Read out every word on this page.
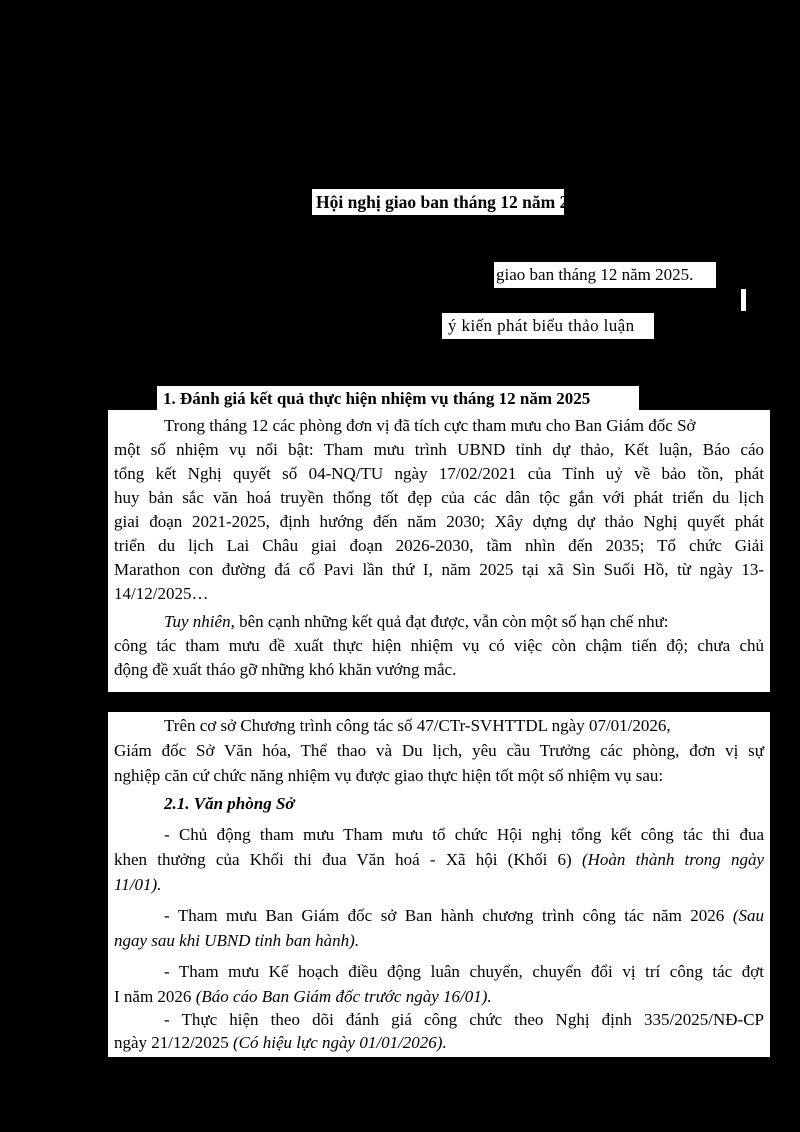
Hội nghị giao ban tháng 12 năm 2025
giao ban tháng 12 năm 2025.
ý kiến phát biểu thảo luận
1. Đánh giá kết quả thực hiện nhiệm vụ tháng 12 năm 2025
Trong tháng 12 các phòng đơn vị đã tích cực tham mưu cho Ban Giám đốc Sở
một số nhiệm vụ nổi bật: Tham mưu trình UBND tỉnh dự thảo, Kết luận, Báo cáo
tổng kết Nghị quyết số 04-NQ/TU ngày 17/02/2021 của Tỉnh uỷ về bảo tồn, phát
huy bản sắc văn hoá truyền thống tốt đẹp của các dân tộc gắn với phát triển du lịch
giai đoạn 2021-2025, định hướng đến năm 2030; Xây dựng dự thảo Nghị quyết phát
triển du lịch Lai Châu giai đoạn 2026-2030, tầm nhìn đến 2035; Tổ chức Giải
Marathon con đường đá cổ Pavi lần thứ I, năm 2025 tại xã Sìn Suối Hồ, từ ngày 13-
14/12/2025…
Tuy nhiên, bên cạnh những kết quả đạt được, vẫn còn một số hạn chế như:
công tác tham mưu đề xuất thực hiện nhiệm vụ có việc còn chậm tiến độ; chưa chủ
động đề xuất tháo gỡ những khó khăn vướng mắc.
Trên cơ sở Chương trình công tác số 47/CTr-SVHTTDL ngày 07/01/2026,
Giám đốc Sở Văn hóa, Thể thao và Du lịch, yêu cầu Trưởng các phòng, đơn vị sự
nghiệp căn cứ chức năng nhiệm vụ được giao thực hiện tốt một số nhiệm vụ sau:
2.1. Văn phòng Sở
- Chủ động tham mưu Tham mưu tổ chức Hội nghị tổng kết công tác thi đua
khen thưởng của Khối thi đua Văn hoá - Xã hội (Khối 6) (Hoàn thành trong ngày
11/01).
- Tham mưu Ban Giám đốc sở Ban hành chương trình công tác năm 2026 (Sau
ngay sau khi UBND tỉnh ban hành).
- Tham mưu Kế hoạch điều động luân chuyển, chuyển đổi vị trí công tác đợt
I năm 2026 (Báo cáo Ban Giám đốc trước ngày 16/01).
- Thực hiện theo dõi đánh giá công chức theo Nghị định 335/2025/NĐ-CP
ngày 21/12/2025 (Có hiệu lực ngày 01/01/2026).
